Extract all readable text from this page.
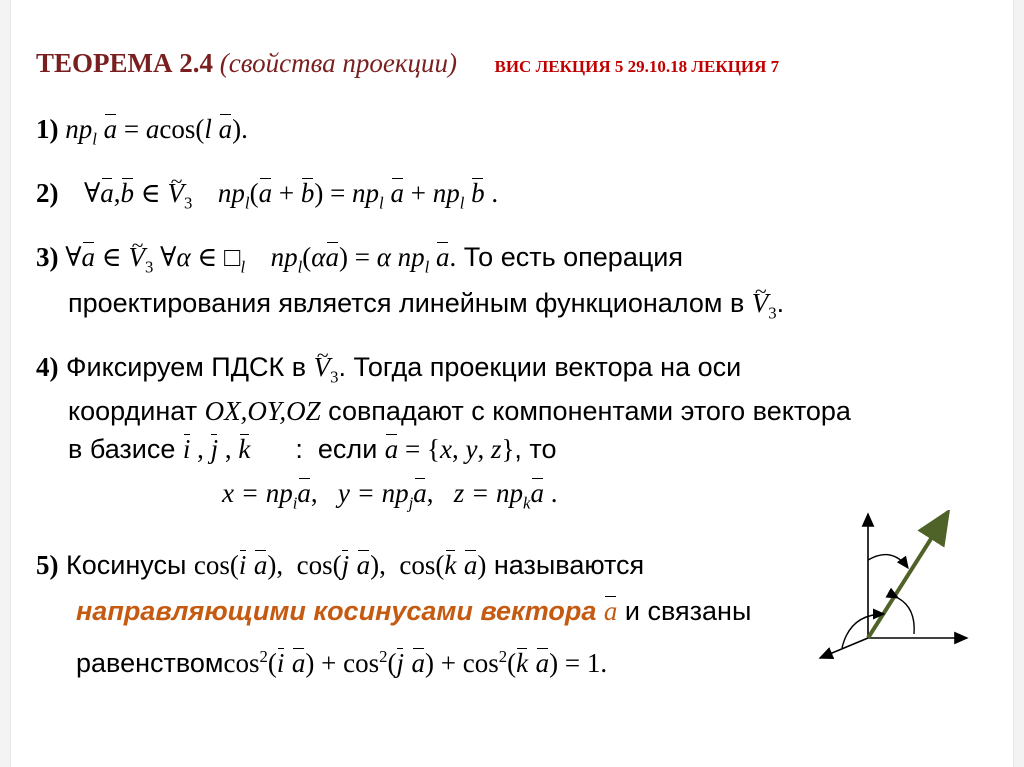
ТЕОРЕМА 2.4 (свойства проекции) ВИС ЛЕКЦИЯ 5 29.10.18 ЛЕКЦИЯ 7
1) $np_l$ a = acos(l a).
2) ∀a,b ∈ ~ $V_3$ $np_l(a + b) = np_l$ $a + np_l$ b .
3) ∀a ∈ ~ $V_3$ ∀α ∈ $□_l$ $np_l(\alpha a) = \alpha$ $np_l$ a. То есть операция
проектирования является линейным функционалом в ~ $V_3$.
4) Фиксируем ПДСК в ~ $V_3$. Тогда проекции вектора на оси
координат OX,OY,OZ совпадают с компонентами этого вектора
в базисе i , j , k      :  если a = {x, y, z}, то
$x = np_ia$,   $y = np_ja$,   $z = np_ka$ .
5) Косинусы cos(i a),  cos(j a),  cos(k a) называются
направляющими косинусами вектора a и связаны
равенствомcos$^2$(i $a) + \cos^2(j$ $a) + \cos^2(k$ a) = 1.
